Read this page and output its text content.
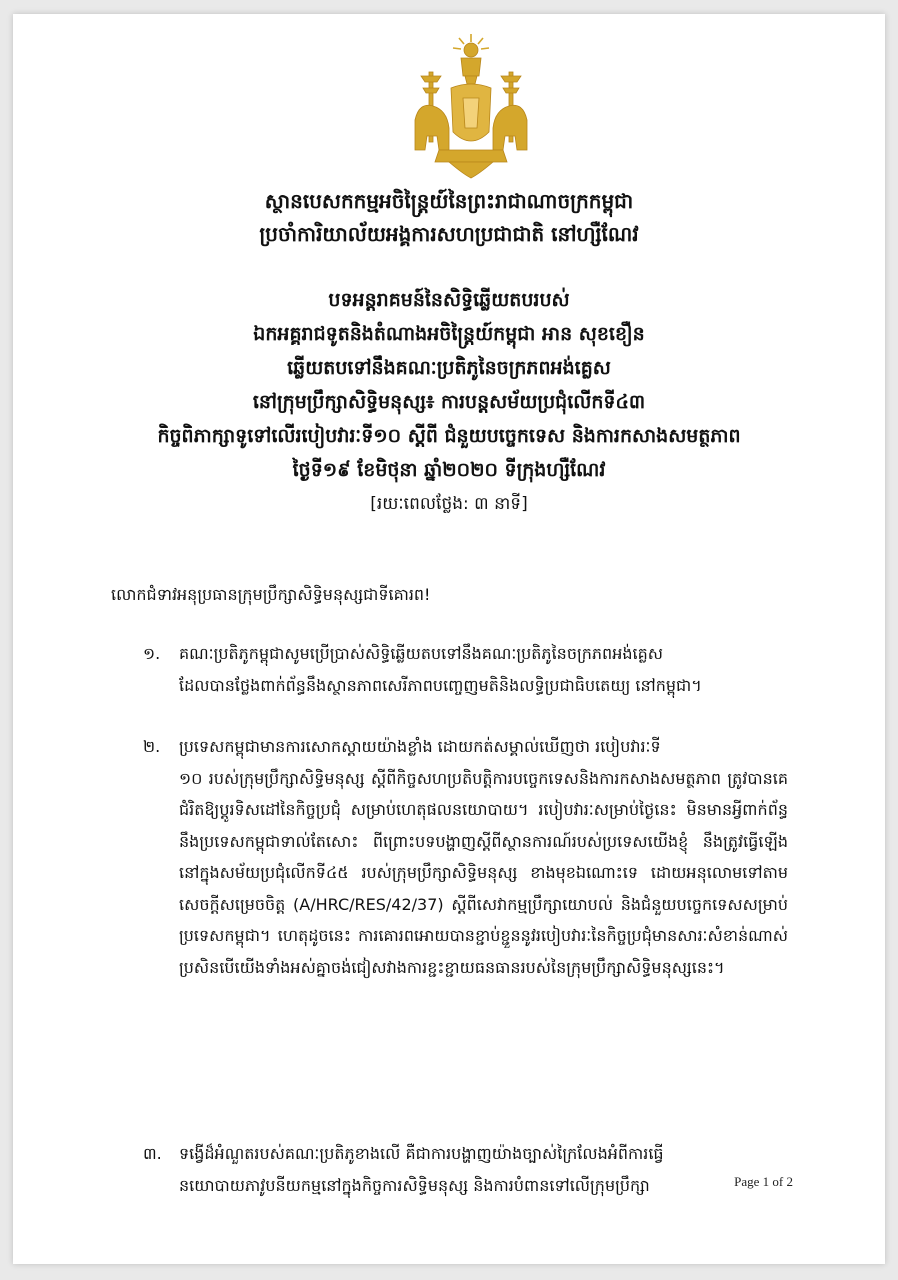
ស្ថានបេសកកម្មអចិន្ត្រៃយ៍នៃព្រះរាជាណាចក្រកម្ពុជា
ប្រចាំការិយាល័យអង្គការសហប្រជាជាតិ នៅហ្សឺណែវ
បទអន្តរាគមន៍នៃសិទ្ធិឆ្លើយតបរបស់
ឯកអគ្គរាជទូតនិងតំណាងអចិន្ត្រៃយ៍កម្ពុជា អាន សុខខឿន
ឆ្លើយតបទៅនឹងគណៈប្រតិភូនៃចក្រភពអង់គ្លេស
នៅក្រុមប្រឹក្សាសិទ្ធិមនុស្ស៖ ការបន្តសម័យប្រជុំលើកទី៤៣
កិច្ចពិភាក្សាទូទៅលើរបៀបវារៈទី១០ ស្ដីពី ជំនួយបច្ចេកទេស និងការកសាងសមត្ថភាព
ថ្ងៃទី១៩ ខែមិថុនា ឆ្នាំ២០២០ ទីក្រុងហ្សឺណែវ
[រយៈពេលថ្លែង: ៣ នាទី]
លោកជំទាវអនុប្រធានក្រុមប្រឹក្សាសិទ្ធិមនុស្សជាទីគោរព!
១. គណៈប្រតិភូកម្ពុជាសូមប្រើប្រាស់សិទ្ធិឆ្លើយតបទៅនឹងគណៈប្រតិភូនៃចក្រភពអង់គ្លេស
ដែលបានថ្លែងពាក់ព័ន្ធនឹងស្ថានភាពសេរីភាពបញ្ចេញមតិនិងលទ្ធិប្រជាធិបតេយ្យ នៅកម្ពុជា។
២. ប្រទេសកម្ពុជាមានការសោកស្ដាយយ៉ាងខ្លាំង ដោយកត់សម្គាល់ឃើញថា របៀបវារៈទី
១០ របស់ក្រុមប្រឹក្សាសិទ្ធិមនុស្ស ស្ដីពីកិច្ចសហប្រតិបត្តិការបច្ចេកទេសនិងការកសាងសមត្ថភាព ត្រូវបានគេជំរិតឱ្យប្ដូរទិសដៅនៃកិច្ចប្រជុំ សម្រាប់ហេតុផលនយោបាយ។ របៀបវារៈសម្រាប់ថ្ងៃនេះ មិនមានអ្វីពាក់ព័ន្ធនឹងប្រទេសកម្ពុជាទាល់តែសោះ ពីព្រោះបទបង្ហាញស្ដីពីស្ថានការណ៍របស់ប្រទេសយើងខ្ញុំ នឹងត្រូវធ្វើឡើងនៅក្នុងសម័យប្រជុំលើកទី៤៥ របស់ក្រុមប្រឹក្សាសិទ្ធិមនុស្ស ខាងមុខឯណោះទេ ដោយអនុលោមទៅតាមសេចក្ដីសម្រេចចិត្ត (A/HRC/RES/42/37) ស្ដីពីសេវាកម្មប្រឹក្សាយោបល់ និងជំនួយបច្ចេកទេសសម្រាប់ប្រទេសកម្ពុជា។ ហេតុដូចនេះ ការគោរពអោយបានខ្ជាប់ខ្ជួននូវរបៀបវារៈនៃកិច្ចប្រជុំមានសារៈសំខាន់ណាស់ ប្រសិនបើយើងទាំងអស់គ្នាចង់ជៀសវាងការខ្ជះខ្ជាយធនធានរបស់នៃក្រុមប្រឹក្សាសិទ្ធិមនុស្សនេះ។
៣. ទង្វើដ៏អំណួតរបស់គណៈប្រតិភូខាងលើ គឺជាការបង្ហាញយ៉ាងច្បាស់ក្រៃលែងអំពីការធ្វើ
នយោបាយភាវូបនីយកម្មនៅក្នុងកិច្ចការសិទ្ធិមនុស្ស និងការបំពានទៅលើក្រុមប្រឹក្សា	Page 1 of 2
